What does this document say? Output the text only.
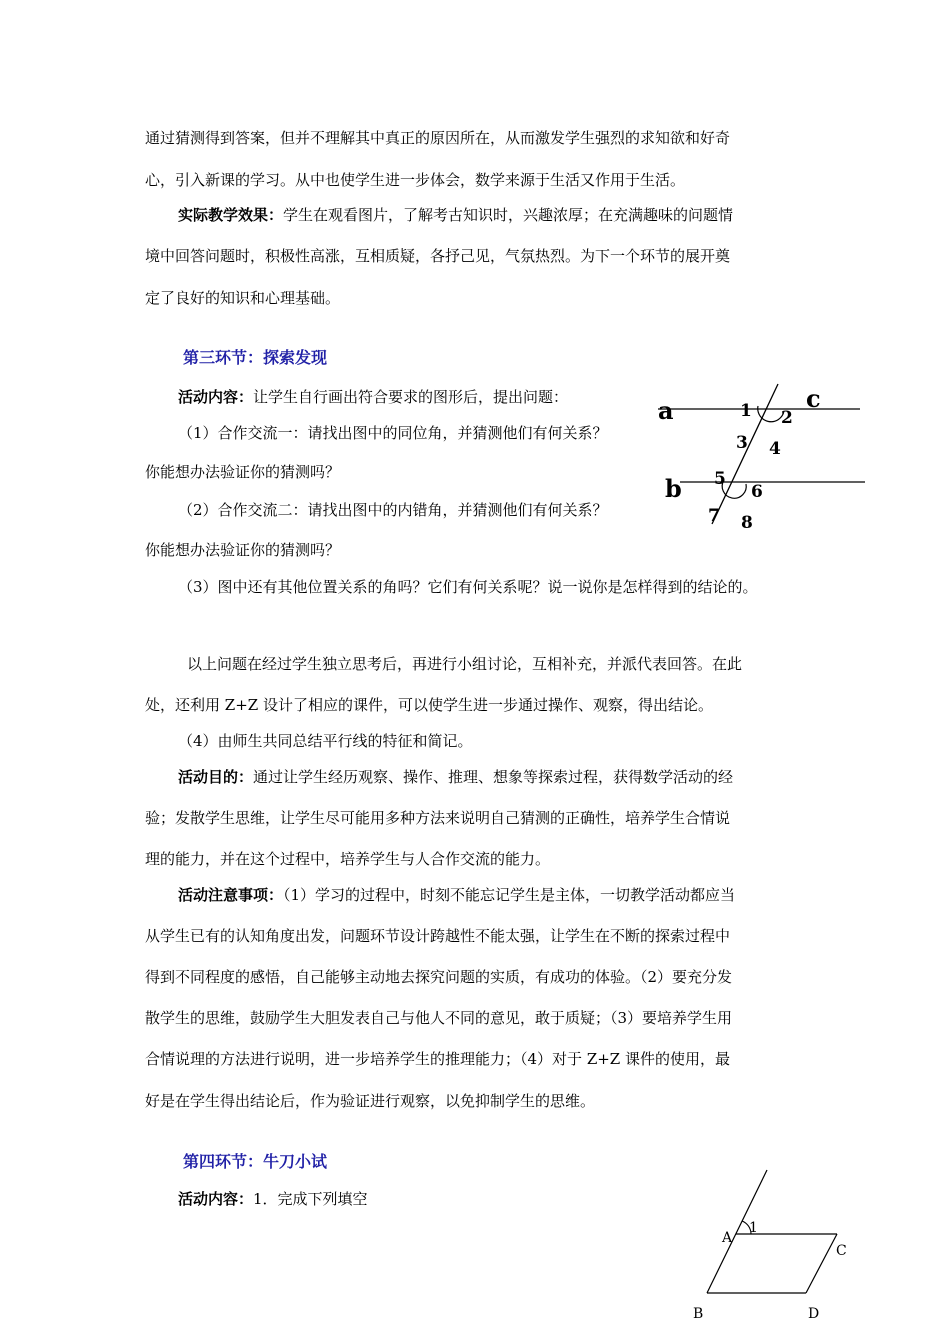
通过猜测得到答案，但并不理解其中真正的原因所在，从而激发学生强烈的求知欲和好奇
心，引入新课的学习。从中也使学生进一步体会，数学来源于生活又作用于生活。
实际教学效果：学生在观看图片，了解考古知识时，兴趣浓厚；在充满趣味的问题情
境中回答问题时，积极性高涨，互相质疑，各抒己见，气氛热烈。为下一个环节的展开奠
定了良好的知识和心理基础。
第三环节：探索发现
活动内容：让学生自行画出符合要求的图形后，提出问题：
（1）合作交流一：请找出图中的同位角，并猜测他们有何关系？
你能想办法验证你的猜测吗？
（2）合作交流二：请找出图中的内错角，并猜测他们有何关系？
你能想办法验证你的猜测吗？
（3）图中还有其他位置关系的角吗？它们有何关系呢？说一说你是怎样得到的结论的。
以上问题在经过学生独立思考后，再进行小组讨论，互相补充，并派代表回答。在此
处，还利用 Z+Z 设计了相应的课件，可以使学生进一步通过操作、观察，得出结论。
（4）由师生共同总结平行线的特征和简记。
活动目的：通过让学生经历观察、操作、推理、想象等探索过程，获得数学活动的经
验；发散学生思维，让学生尽可能用多种方法来说明自己猜测的正确性，培养学生合情说
理的能力，并在这个过程中，培养学生与人合作交流的能力。
活动注意事项：（1）学习的过程中，时刻不能忘记学生是主体，一切教学活动都应当
从学生已有的认知角度出发，问题环节设计跨越性不能太强，让学生在不断的探索过程中
得到不同程度的感悟，自己能够主动地去探究问题的实质，有成功的体验。（2）要充分发
散学生的思维，鼓励学生大胆发表自己与他人不同的意见，敢于质疑；（3）要培养学生用
合情说理的方法进行说明，进一步培养学生的推理能力；（4）对于 Z+Z 课件的使用，最
好是在学生得出结论后，作为验证进行观察，以免抑制学生的思维。
第四环节：牛刀小试
活动内容：1．完成下列填空
a
b
c
1 2
3 4
5
6
7 8
1
A
C
B	D
